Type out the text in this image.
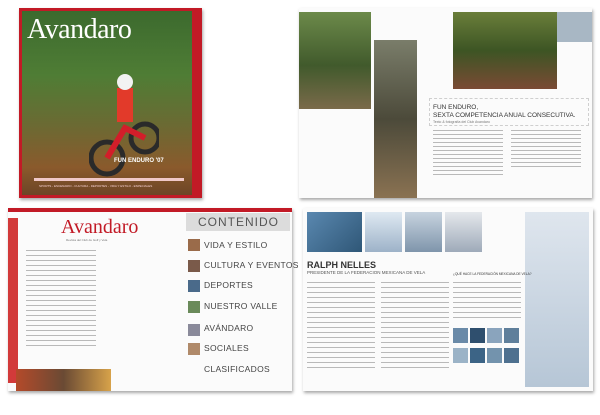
Avandaro
FUN ENDURO '07
SPORTS - ESCENARIO - CULTURA - DEPORTES - VIDA Y ESTILO - ESPECIALES
FUN ENDURO,
SEXTA COMPETENCIA ANUAL CONSECUTIVA.
Texto & fotografía del Club Avandaro
Avandaro
Revista del Club de Golf y Vela
CONTENIDO
VIDA Y ESTILO
CULTURA Y EVENTOS
DEPORTES
NUESTRO VALLE
AVÁNDARO
SOCIALES
CLASIFICADOS
RALPH NELLES
PRESIDENTE DE LA FEDERACION MEXICANA DE VELA	¿QUÉ HACE LA FEDERACIÓN MEXICANA DE VELA?
